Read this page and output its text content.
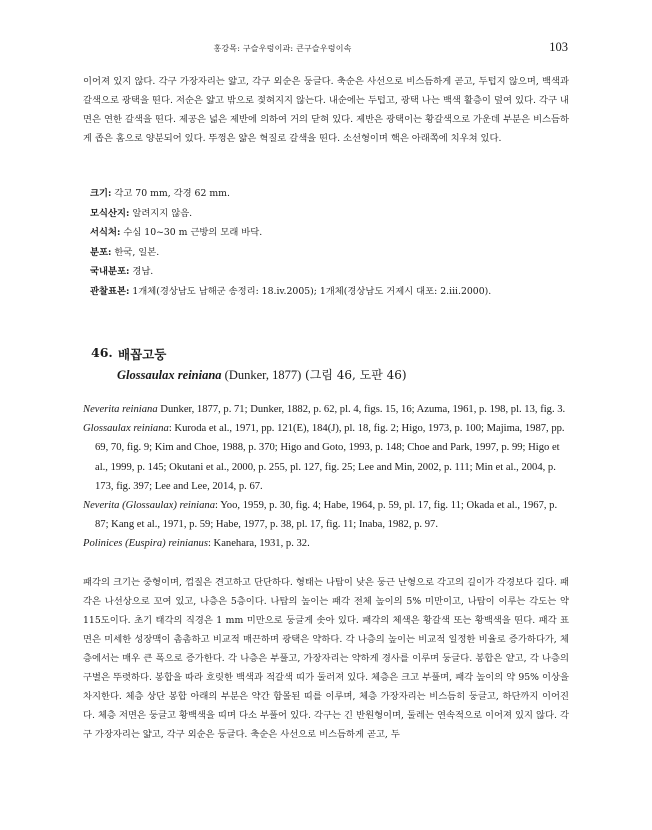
홍강목: 구슬우렁이과: 큰구슬우렁이속	103

이어져 있지 않다. 각구 가장자리는 얇고, 각구 외순은 둥글다. 축순은 사선으로 비스듬하게 곧고, 두텁지 않으며, 백색과 갈색으로 광택을 띤다. 저순은 얇고 밖으로 젖혀지지 않는다. 내순에는 두텁고, 광택 나는 백색 활층이 덮여 있다. 각구 내면은 연한 갈색을 띤다. 제공은 넓은 제반에 의하여 거의 닫혀 있다. 제반은 광택이는 황갈색으로 가운데 부분은 비스듬하게 좁은 홈으로 양분되어 있다. 뚜껑은 얇은 혁질로 갈색을 띤다. 소선형이며 핵은 아래쪽에 치우쳐 있다.

크기: 각고 70 mm, 각경 62 mm.
모식산지: 알려지지 않음.
서식처: 수심 10~30 m 근방의 모래 바닥.
분포: 한국, 일본.
국내분포: 경남.
관찰표본: 1개체(경상남도 남해군 송정리: 18.iv.2005); 1개체(경상남도 거제시 대포: 2.iii.2000).
46. 배꼽고둥
Glossaulax reiniana (Dunker, 1877) (그림 46, 도판 46)
Neverita reiniana Dunker, 1877, p. 71; Dunker, 1882, p. 62, pl. 4, figs. 15, 16; Azuma, 1961, p. 198, pl. 13, fig. 3.
Glossaulax reiniana: Kuroda et al., 1971, pp. 121(E), 184(J), pl. 18, fig. 2; Higo, 1973, p. 100; Majima, 1987, pp. 69, 70, fig. 9; Kim and Choe, 1988, p. 370; Higo and Goto, 1993, p. 148; Choe and Park, 1997, p. 99; Higo et al., 1999, p. 145; Okutani et al., 2000, p. 255, pl. 127, fig. 25; Lee and Min, 2002, p. 111; Min et al., 2004, p. 173, fig. 397; Lee and Lee, 2014, p. 67.
Neverita (Glossaulax) reiniana: Yoo, 1959, p. 30, fig. 4; Habe, 1964, p. 59, pl. 17, fig. 11; Okada et al., 1967, p. 87; Kang et al., 1971, p. 59; Habe, 1977, p. 38, pl. 17, fig. 11; Inaba, 1982, p. 97.
Polinices (Euspira) reinianus: Kanehara, 1931, p. 32.

패각의 크기는 중형이며, 껍질은 견고하고 단단하다. 형태는 나탑이 낮은 둥근 난형으로 각고의 길이가 각경보다 길다. 패각은 나선상으로 꼬여 있고, 나층은 5층이다. 나탑의 높이는 패각 전체 높이의 5% 미만이고, 나탑이 이루는 각도는 약 115도이다. 초기 태각의 직경은 1 mm 미만으로 둥글게 솟아 있다. 패각의 체색은 황갈색 또는 황백색을 띤다. 패각 표면은 미세한 성장맥이 촘촘하고 비교적 매끈하며 광택은 약하다. 각 나층의 높이는 비교적 일정한 비율로 증가하다가, 체층에서는 매우 큰 폭으로 증가한다. 각 나층은 부풀고, 가장자리는 약하게 경사를 이루며 둥글다. 봉합은 얕고, 각 나층의 구별은 뚜렷하다. 봉합을 따라 흐릿한 백색과 적갈색 띠가 둘러져 있다. 체층은 크고 부풀며, 패각 높이의 약 95% 이상을 차지한다. 체층 상단 봉합 아래의 부분은 약간 함몰된 띠를 이루며, 체층 가장자리는 비스듬히 둥글고, 하단까지 이어진다. 체층 저면은 둥글고 황백색을 띠며 다소 부풀어 있다. 각구는 긴 반원형이며, 둘레는 연속적으로 이어져 있지 않다. 각구 가장자리는 얇고, 각구 외순은 둥글다. 축순은 사선으로 비스듬하게 곧고, 두
